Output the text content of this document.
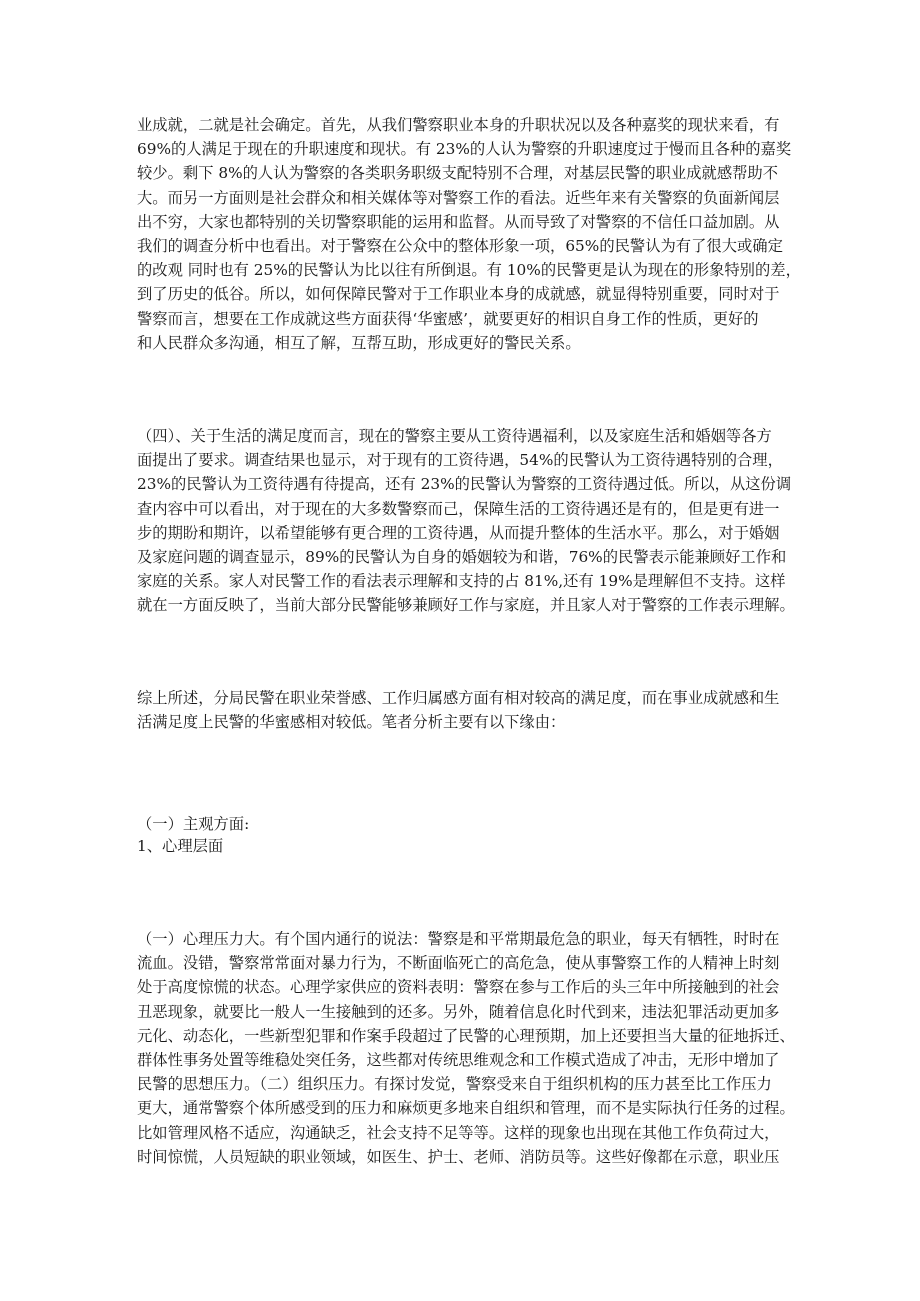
业成就，二就是社会确定。首先，从我们警察职业本身的升职状况以及各种嘉奖的现状来看，有
69%的人满足于现在的升职速度和现状。有 23%的人认为警察的升职速度过于慢而且各种的嘉奖
较少。剩下 8%的人认为警察的各类职务职级支配特别不合理，对基层民警的职业成就感帮助不
大。而另一方面则是社会群众和相关媒体等对警察工作的看法。近些年来有关警察的负面新闻层
出不穷，大家也都特别的关切警察职能的运用和监督。从而导致了对警察的不信任口益加剧。从
我们的调查分析中也看出。对于警察在公众中的整体形象一项，65%的民警认为有了很大或确定
的改观 同时也有 25%的民警认为比以往有所倒退。有 10%的民警更是认为现在的形象特别的差，
到了历史的低谷。所以，如何保障民警对于工作职业本身的成就感，就显得特别重要，同时对于
警察而言，想要在工作成就这些方面获得‘华蜜感’，就要更好的相识自身工作的性质，更好的
和人民群众多沟通，相互了解，互帮互助，形成更好的警民关系。
（四）、关于生活的满足度而言，现在的警察主要从工资待遇福利，以及家庭生活和婚姻等各方
面提出了要求。调查结果也显示，对于现有的工资待遇，54%的民警认为工资待遇特别的合理，
23%的民警认为工资待遇有待提高，还有 23%的民警认为警察的工资待遇过低。所以，从这份调
查内容中可以看出，对于现在的大多数警察而己，保障生活的工资待遇还是有的，但是更有进一
步的期盼和期许，以希望能够有更合理的工资待遇，从而提升整体的生活水平。那么，对于婚姻
及家庭问题的调查显示，89%的民警认为自身的婚姻较为和谐，76%的民警表示能兼顾好工作和
家庭的关系。家人对民警工作的看法表示理解和支持的占 81%,还有 19%是理解但不支持。这样
就在一方面反映了，当前大部分民警能够兼顾好工作与家庭，并且家人对于警察的工作表示理解。
综上所述，分局民警在职业荣誉感、工作归属感方面有相对较高的满足度，而在事业成就感和生
活满足度上民警的华蜜感相对较低。笔者分析主要有以下缘由：
（一）主观方面:
1、心理层面
（一）心理压力大。有个国内通行的说法：警察是和平常期最危急的职业，每天有牺牲，时时在
流血。没错，警察常常面对暴力行为，不断面临死亡的高危急，使从事警察工作的人精神上时刻
处于高度惊慌的状态。心理学家供应的资料表明：警察在参与工作后的头三年中所接触到的社会
丑恶现象，就要比一般人一生接触到的还多。另外，随着信息化时代到来，违法犯罪活动更加多
元化、动态化，一些新型犯罪和作案手段超过了民警的心理预期，加上还要担当大量的征地拆迁、
群体性事务处置等维稳处突任务，这些都对传统思维观念和工作模式造成了冲击，无形中增加了
民警的思想压力。（二）组织压力。有探讨发觉，警察受来自于组织机构的压力甚至比工作压力
更大，通常警察个体所感受到的压力和麻烦更多地来自组织和管理，而不是实际执行任务的过程。
比如管理风格不适应，沟通缺乏，社会支持不足等等。这样的现象也出现在其他工作负荷过大，
时间惊慌，人员短缺的职业领域，如医生、护士、老师、消防员等。这些好像都在示意，职业压
